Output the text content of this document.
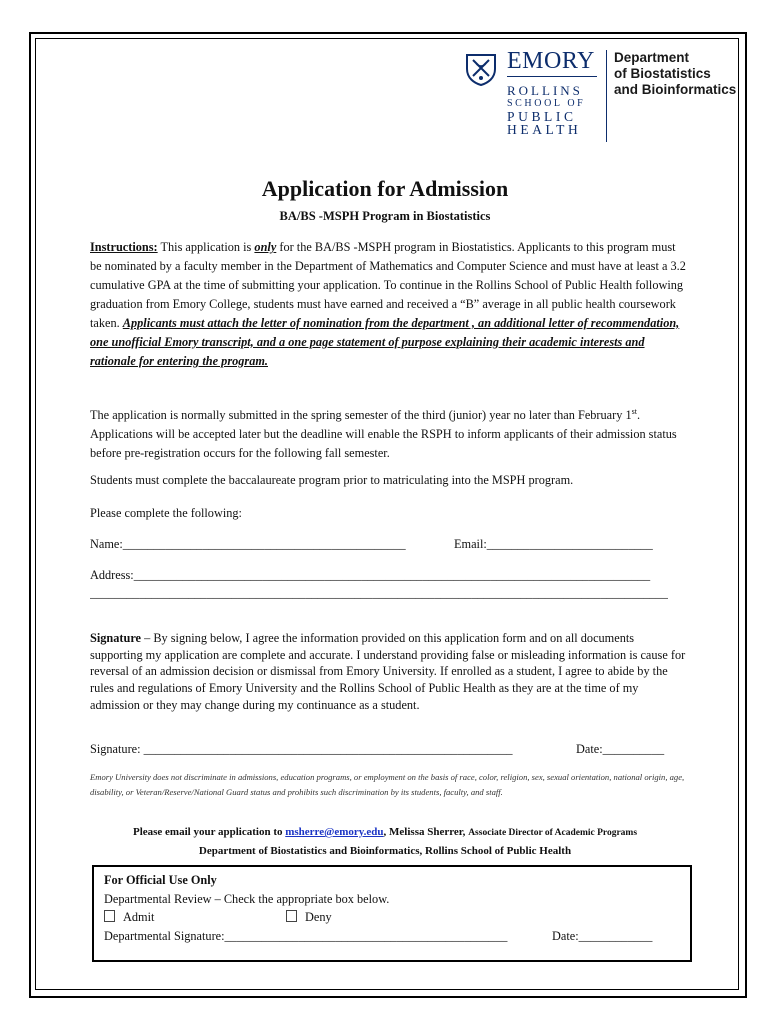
EMORY
ROLLINS
SCHOOL OF
PUBLIC
HEALTH
Department
of Biostatistics
and Bioinformatics
Application for Admission
BA/BS -MSPH Program in Biostatistics
Instructions: This application is only for the BA/BS -MSPH program in Biostatistics. Applicants to this program must be nominated by a faculty member in the Department of Mathematics and Computer Science and must have at least a 3.2 cumulative GPA at the time of submitting your application. To continue in the Rollins School of Public Health following graduation from Emory College, students must have earned and received a “B” average in all public health coursework taken. Applicants must attach the letter of nomination from the department , an additional letter of recommendation, one unofficial Emory transcript, and a one page statement of purpose explaining their academic interests and rationale for entering the program.
The application is normally submitted in the spring semester of the third (junior) year no later than February 1st. Applications will be accepted later but the deadline will enable the RSPH to inform applicants of their admission status before pre-registration occurs for the following fall semester.
Students must complete the baccalaureate program prior to matriculating into the MSPH program.
Please complete the following:
Name:______________________________________________	Email:___________________________
Address:____________________________________________________________________________________
______________________________________________________________________________________________
Signature – By signing below, I agree the information provided on this application form and on all documents supporting my application are complete and accurate. I understand providing false or misleading information is cause for reversal of an admission decision or dismissal from Emory University. If enrolled as a student, I agree to abide by the rules and regulations of Emory University and the Rollins School of Public Health as they are at the time of my admission or they may change during my continuance as a student.
Signature: ____________________________________________________________	Date:__________
Emory University does not discriminate in admissions, education programs, or employment on the basis of race, color, religion, sex, sexual orientation, national origin, age, disability, or Veteran/Reserve/National Guard status and prohibits such discrimination by its students, faculty, and staff.
Please email your application to msherre@emory.edu, Melissa Sherrer, Associate Director of Academic Programs
Department of Biostatistics and Bioinformatics, Rollins School of Public Health
For Official Use Only
Departmental Review – Check the appropriate box below.
Admit	Deny
Departmental Signature:______________________________________________	Date:____________
